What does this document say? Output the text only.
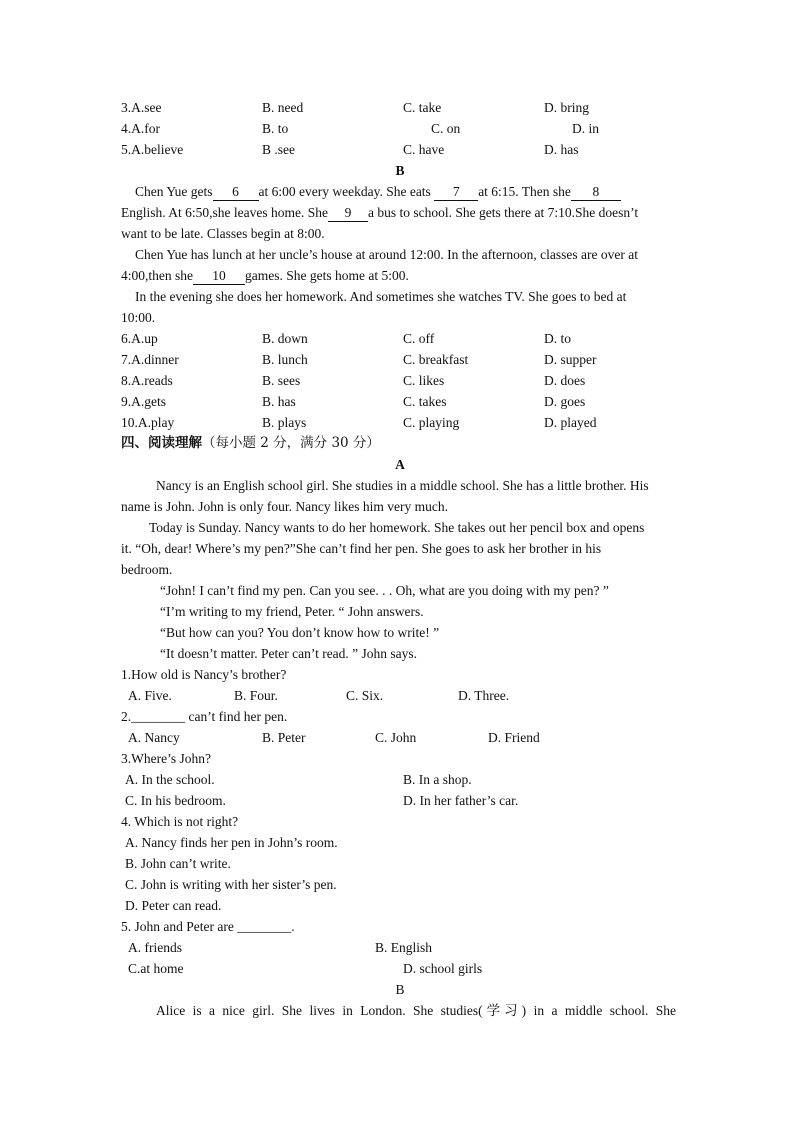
3.A.see	B. need	C. take	D. bring
4.A.for	B. to	C. on	D. in
5.A.believe	B .see	C. have	D. has
B
Chen Yue gets 6 at 6:00 every weekday. She eats 7 at 6:15. Then she 8
English. At 6:50,she leaves home. She 9 a bus to school. She gets there at 7:10.She doesn’t
want to be late. Classes begin at 8:00.
Chen Yue has lunch at her uncle’s house at around 12:00. In the afternoon, classes are over at
4:00,then she 10 games. She gets home at 5:00.
In the evening she does her homework. And sometimes she watches TV. She goes to bed at
10:00.
6.A.up	B. down	C. off	D. to
7.A.dinner	B. lunch	C. breakfast	D. supper
8.A.reads	B. sees	C. likes	D. does
9.A.gets	B. has	C. takes	D. goes
10.A.play	B. plays	C. playing	D. played
四、阅读理解（每小题 2 分，满分 30 分）
A
Nancy is an English school girl. She studies in a middle school. She has a little brother. His
name is John. John is only four. Nancy likes him very much.
Today is Sunday. Nancy wants to do her homework. She takes out her pencil box and opens
it. “Oh, dear! Where’s my pen?”She can’t find her pen. She goes to ask her brother in his
bedroom.
“John! I can’t find my pen. Can you see. . . Oh, what are you doing with my pen? ”
“I’m writing to my friend, Peter. “ John answers.
“But how can you? You don’t know how to write! ”
“It doesn’t matter. Peter can’t read. ” John says.
1.How old is Nancy’s brother?
A. Five.	B. Four.	C. Six.	D. Three.
2.________ can’t find her pen.
A. Nancy	B. Peter	C. John	D. Friend
3.Where’s John?
A. In the school.	B. In a shop.
C. In his bedroom.	D. In her father’s car.
4. Which is not right?
A. Nancy finds her pen in John’s room.
B. John can’t write.
C. John is writing with her sister’s pen.
D. Peter can read.
5. John and Peter are ________.
A. friends	B. English
C.at home	D. school girls
B
Alice is a nice girl. She lives in London. She studies(学习) in a middle school. She
